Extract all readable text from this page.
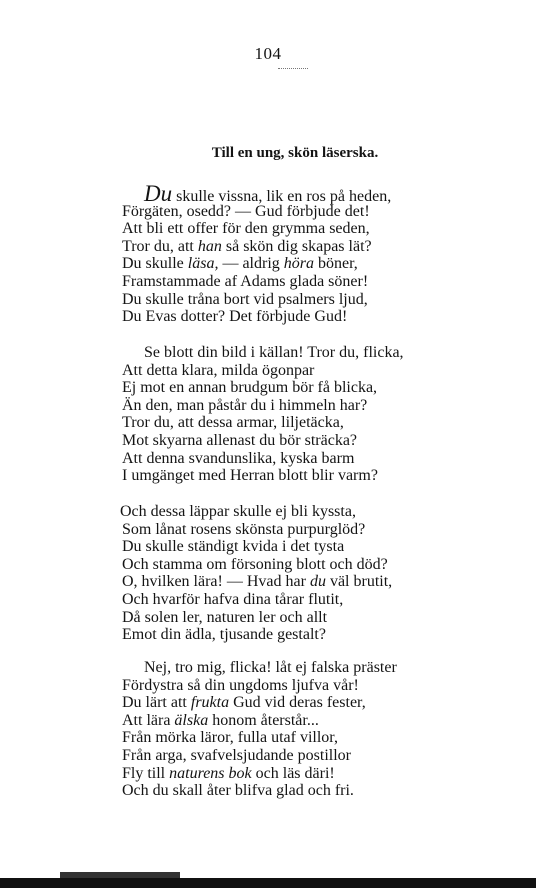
104
Till en ung, skön läserska.
Du skulle vissna, lik en ros på heden,
Förgäten, osedd? — Gud förbjude det!
Att bli ett offer för den grymma seden,
Tror du, att han så skön dig skapas lät?
Du skulle läsa, — aldrig höra böner,
Framstammade af Adams glada söner!
Du skulle tråna bort vid psalmers ljud,
Du Evas dotter? Det förbjude Gud!
Se blott din bild i källan! Tror du, flicka,
Att detta klara, milda ögonpar
Ej mot en annan brudgum bör få blicka,
Än den, man påstår du i himmeln har?
Tror du, att dessa armar, liljetäcka,
Mot skyarna allenast du bör sträcka?
Att denna svandunslika, kyska barm
I umgänget med Herran blott blir varm?
Och dessa läppar skulle ej bli kyssta,
Som lånat rosens skönsta purpurglöd?
Du skulle ständigt kvida i det tysta
Och stamma om försoning blott och död?
O, hvilken lära! — Hvad har du väl brutit,
Och hvarför hafva dina tårar flutit,
Då solen ler, naturen ler och allt
Emot din ädla, tjusande gestalt?
Nej, tro mig, flicka! låt ej falska präster
Fördystra så din ungdoms ljufva vår!
Du lärt att frukta Gud vid deras fester,
Att lära älska honom återstår...
Från mörka läror, fulla utaf villor,
Från arga, svafvelsjudande postillor
Fly till naturens bok och läs däri!
Och du skall åter blifva glad och fri.
